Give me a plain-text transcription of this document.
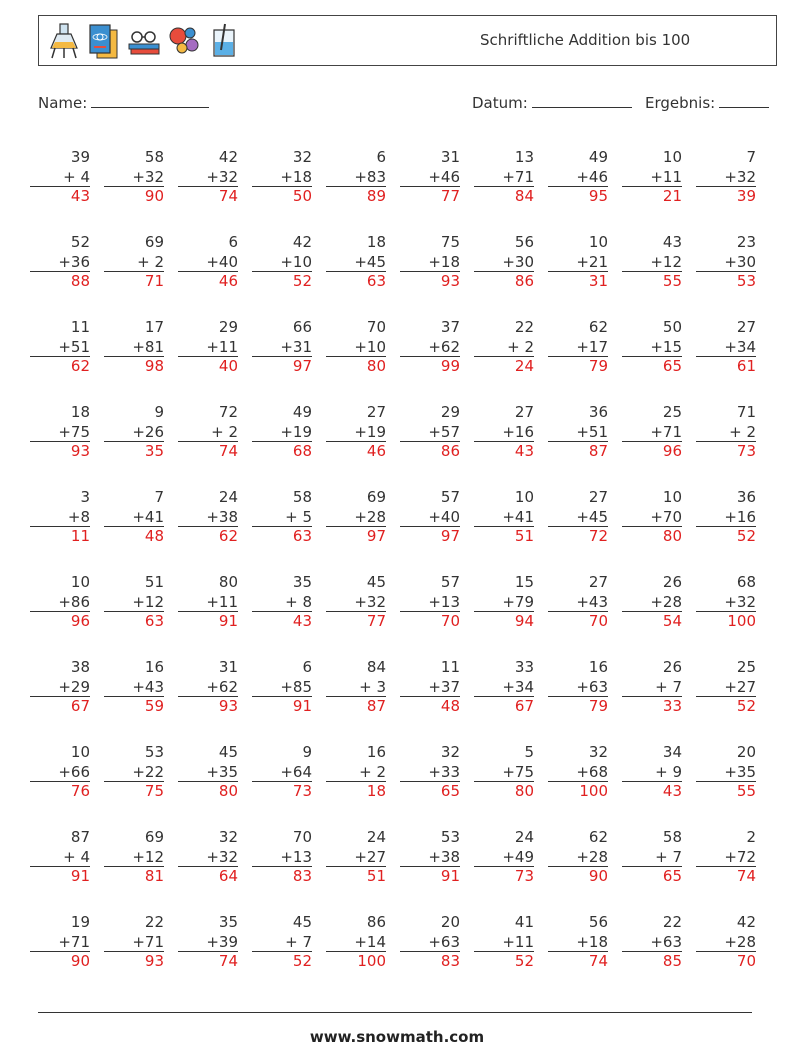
Schriftliche Addition bis 100
Name:	Datum:	Ergebnis:
39
+ 4
43
58
+32
90
42
+32
74
32
+18
50
6
+83
89
31
+46
77
13
+71
84
49
+46
95
10
+11
21
7
+32
39
52
+36
88
69
+ 2
71
6
+40
46
42
+10
52
18
+45
63
75
+18
93
56
+30
86
10
+21
31
43
+12
55
23
+30
53
11
+51
62
17
+81
98
29
+11
40
66
+31
97
70
+10
80
37
+62
99
22
+ 2
24
62
+17
79
50
+15
65
27
+34
61
18
+75
93
9
+26
35
72
+ 2
74
49
+19
68
27
+19
46
29
+57
86
27
+16
43
36
+51
87
25
+71
96
71
+ 2
73
3
+8
11
7
+41
48
24
+38
62
58
+ 5
63
69
+28
97
57
+40
97
10
+41
51
27
+45
72
10
+70
80
36
+16
52
10
+86
96
51
+12
63
80
+11
91
35
+ 8
43
45
+32
77
57
+13
70
15
+79
94
27
+43
70
26
+28
54
68
+32
100
38
+29
67
16
+43
59
31
+62
93
6
+85
91
84
+ 3
87
11
+37
48
33
+34
67
16
+63
79
26
+ 7
33
25
+27
52
10
+66
76
53
+22
75
45
+35
80
9
+64
73
16
+ 2
18
32
+33
65
5
+75
80
32
+68
100
34
+ 9
43
20
+35
55
87
+ 4
91
69
+12
81
32
+32
64
70
+13
83
24
+27
51
53
+38
91
24
+49
73
62
+28
90
58
+ 7
65
2
+72
74
19
+71
90
22
+71
93
35
+39
74
45
+ 7
52
86
+14
100
20
+63
83
41
+11
52
56
+18
74
22
+63
85
42
+28
70
www.snowmath.com
